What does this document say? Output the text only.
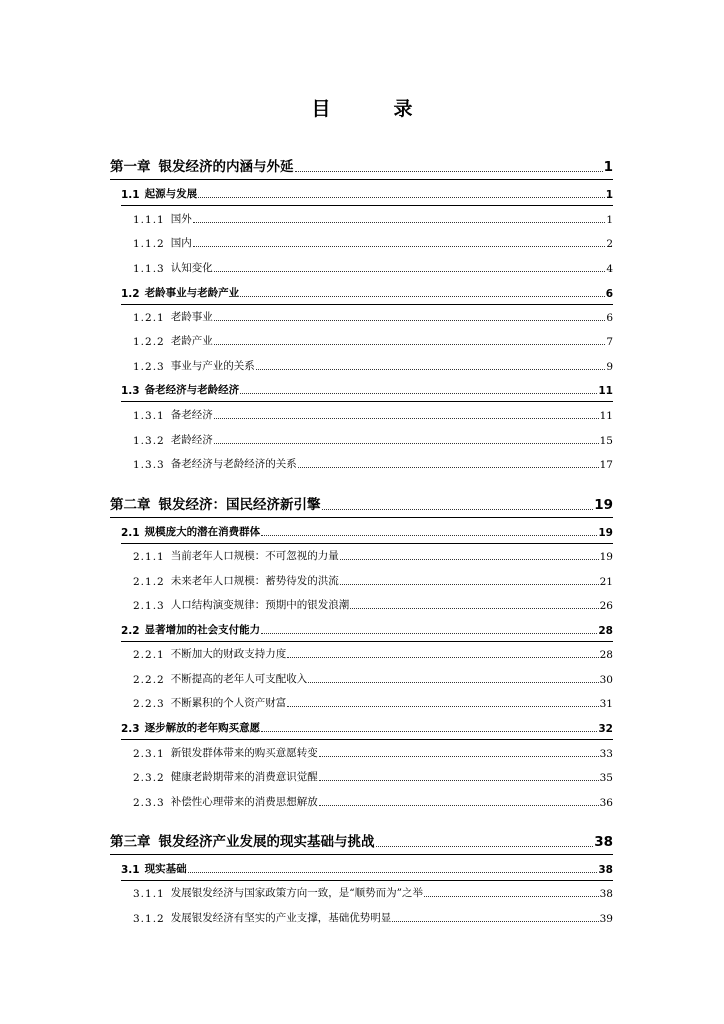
目　录
第一章 银发经济的内涵与外延	1
1.1 起源与发展	1
1.1.1 国外	1
1.1.2 国内	2
1.1.3 认知变化	4
1.2 老龄事业与老龄产业	6
1.2.1 老龄事业	6
1.2.2 老龄产业	7
1.2.3 事业与产业的关系	9
1.3 备老经济与老龄经济	11
1.3.1 备老经济	11
1.3.2 老龄经济	15
1.3.3 备老经济与老龄经济的关系	17
第二章 银发经济：国民经济新引擎	19
2.1 规模庞大的潜在消费群体	19
2.1.1 当前老年人口规模：不可忽视的力量	19
2.1.2 未来老年人口规模：蓄势待发的洪流	21
2.1.3 人口结构演变规律：预期中的银发浪潮	26
2.2 显著增加的社会支付能力	28
2.2.1 不断加大的财政支持力度	28
2.2.2 不断提高的老年人可支配收入	30
2.2.3 不断累积的个人资产财富	31
2.3 逐步解放的老年购买意愿	32
2.3.1 新银发群体带来的购买意愿转变	33
2.3.2 健康老龄期带来的消费意识觉醒	35
2.3.3 补偿性心理带来的消费思想解放	36
第三章 银发经济产业发展的现实基础与挑战	38
3.1 现实基础	38
3.1.1 发展银发经济与国家政策方向一致，是“顺势而为”之举	38
3.1.2 发展银发经济有坚实的产业支撑，基础优势明显	39
